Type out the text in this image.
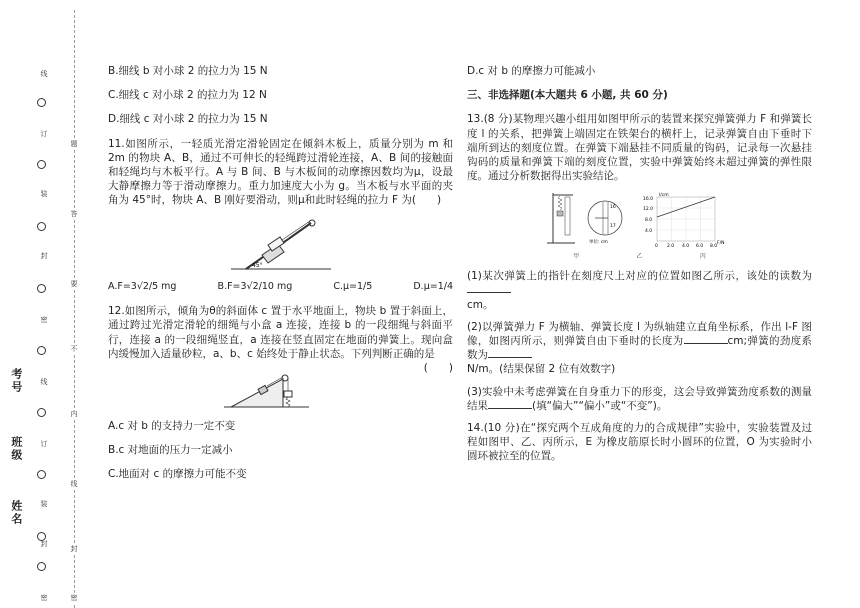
考号
班级
姓名
线
订
装
封
密
线
订
装
封
密
题
答
要
不
内
线
封
密

B.细线 b 对小球 2 的拉力为 15 N

C.细线 c 对小球 2 的拉力为 12 N

D.细线 c 对小球 2 的拉力为 15 N

11.如图所示，一轻质光滑定滑轮固定在倾斜木板上，质量分别为 m 和 2m 的物块 A、B，通过不可伸长的轻绳跨过滑轮连接，A、B 间的接触面和轻绳均与木板平行。A 与 B 间、B 与木板间的动摩擦因数均为μ，设最大静摩擦力等于滑动摩擦力。重力加速度大小为 g。当木板与水平面的夹角为 45°时，物块 A、B 刚好要滑动，则μ和此时轻绳的拉力 F 为(　　)

45°
A.F=3√2/5 mg	B.F=3√2/10 mg	C.μ=1/5	D.μ=1/4

12.如图所示，倾角为θ的斜面体 c 置于水平地面上，物块 b 置于斜面上，通过跨过光滑定滑轮的细绳与小盒 a 连接，连接 b 的一段细绳与斜面平行，连接 a 的一段细绳竖直，a 连接在竖直固定在地面的弹簧上。现向盒内缓慢加入适量砂粒，a、b、c 始终处于静止状态。下列判断正确的是
(　　)

A.c 对 b 的支持力一定不变

B.c 对地面的压力一定减小

C.地面对 c 的摩擦力可能不变

D.c 对 b 的摩擦力可能减小

三、非选择题(本大题共 6 小题, 共 60 分)

13.(8 分)某物理兴趣小组用如图甲所示的装置来探究弹簧弹力 F 和弹簧长度 l 的关系，把弹簧上端固定在铁架台的横杆上，记录弹簧自由下垂时下端所到达的刻度位置。在弹簧下端悬挂不同质量的钩码，记录每一次悬挂钩码的质量和弹簧下端的刻度位置，实验中弹簧始终未超过弹簧的弹性限度。通过分析数据得出实验结论。

16
17
单位: cm
l/cm
F/N
16.0
12.0
8.0
4.0
0 2.0 4.0 6.0 8.0
甲	乙	丙

(1)某次弹簧上的指针在刻度尺上对应的位置如图乙所示，该处的读数为
cm。

(2)以弹簧弹力 F 为横轴、弹簧长度 l 为纵轴建立直角坐标系，作出 l-F 图像，如图丙所示，则弹簧自由下垂时的长度为	cm;弹簧的劲度系数为
N/m。(结果保留 2 位有效数字)

(3)实验中未考虑弹簧在自身重力下的形变，这会导致弹簧劲度系数的测量结果	(填“偏大”“偏小”或“不变”)。

14.(10 分)在“探究两个互成角度的力的合成规律”实验中，实验装置及过程如图甲、乙、丙所示，E 为橡皮筋原长时小圆环的位置，O 为实验时小圆环被拉至的位置。
